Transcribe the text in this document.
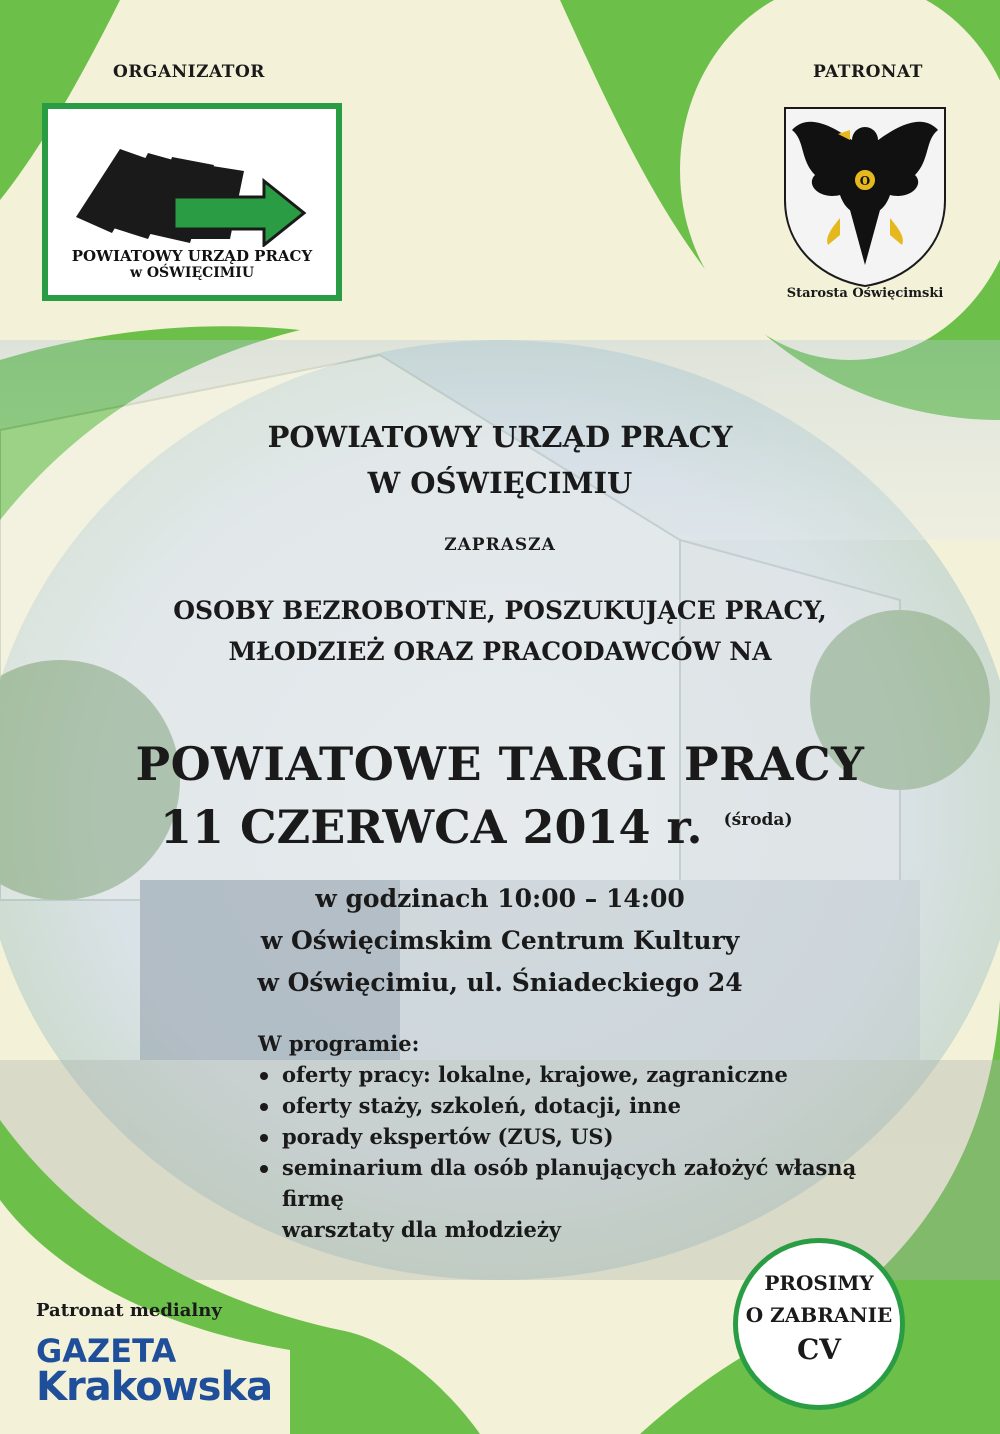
ORGANIZATOR	PATRONAT
POWIATOWY URZĄD PRACY
w OŚWIĘCIMIU
O
Starosta Oświęcimski
POWIATOWY URZĄD PRACY
W OŚWIĘCIMIU
ZAPRASZA
OSOBY BEZROBOTNE, POSZUKUJĄCE PRACY,
MŁODZIEŻ ORAZ PRACODAWCÓW NA
POWIATOWE TARGI PRACY
11 CZERWCA 2014 r. (środa)
w godzinach 10:00 – 14:00
w Oświęcimskim Centrum Kultury
w Oświęcimiu, ul. Śniadeckiego 24
W programie:
oferty pracy: lokalne, krajowe, zagraniczne
oferty staży, szkoleń, dotacji, inne
porady ekspertów (ZUS, US)
seminarium dla osób planujących założyć własną firmę
warsztaty dla młodzieży
PROSIMY
O ZABRANIE
CV
Patronat medialny
GAZETA
Krakowska
